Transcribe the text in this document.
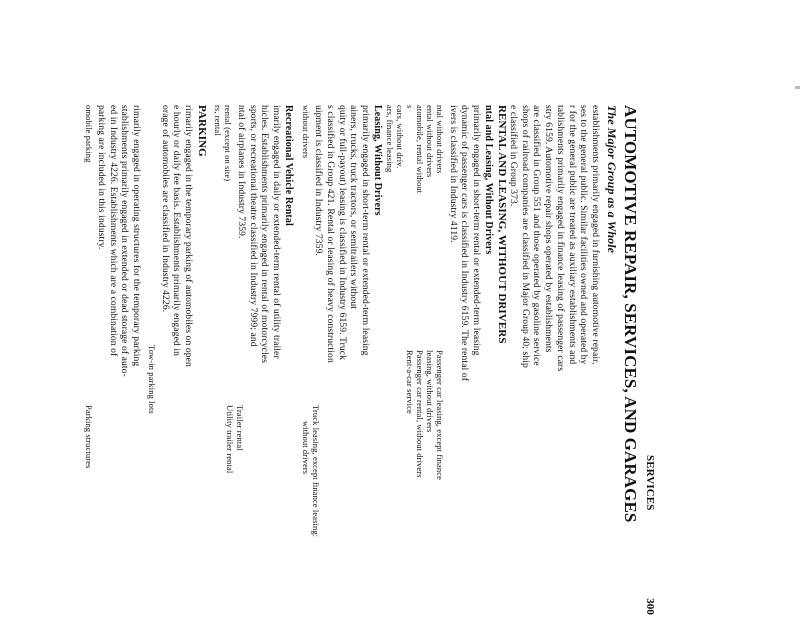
SERVICES
300
AUTOMOTIVE REPAIR, SERVICES, AND GARAGES
The Major Group as a Whole
establishments primarily engaged in furnishing automotive repair,
ses to the general public. Similar facilities owned and operated by
r for the general public are treated as auxiliary establishments and
tablishments primarily engaged in finance leasing of passenger cars
stry 6159. Automotive repair shops operated by establishments
are classified in Group 551 and those operated by gasoline service
shops of railroad companies are classified in Major Group 40; ship
e classified in Group 373.
RENTAL AND LEASING, WITHOUT DRIVERS
ntal and Leasing, Without Drivers
primarily engaged in short-term rental or extended-term leasing
dynamic of passenger cars is classified in Industry 6159. The rental of
ivers is classified in Industry 4119.
ntal without drivers
ental without drivers
atomobile, rental without
s
cars, without driv.
ars, finance leasing
Passenger car leasing, except finance
leasing, without drivers
Passenger car rental, without drivers
Rent-a-car service
Leasing, Without Drivers
primarily engaged in short-term rental or extended-term leasing
ainers, trucks, truck tractors, or semitrailers without
quity or full-payout) leasing is classified in Industry 6159. Truck
s classified in Group 421. Rental or leasing of heavy construction
uipment is classified in Industry 7359.
without drivers
Truck leasing, except finance leasing:
without drivers
Recreational Vehicle Rental
imarily engaged in daily or extended-term rental of utility trailer
hicles. Establishments primarily engaged in rental of motorcycles
sports, or recreational theatre classified in Industry 7999; and
ntal of airplanes in Industry 7359.
rental (except on site)
rs, rental
Trailer rental
Utility trailer rental
PARKING
rimarily engaged in the temporary parking of automobiles on open
e hourly or daily fee basis. Establishments primarily engaged in
orage of automobiles are classified in Industry 4226.
Tow-in parking lots
rimarily engaged in operating structures for the temporary parking
stablishments primarily engaged in extended or dead storage of auto-
ed in Industry 4226. Establishments which are a combination of
parking are included in this industry.
omobile parking
Parking structures
